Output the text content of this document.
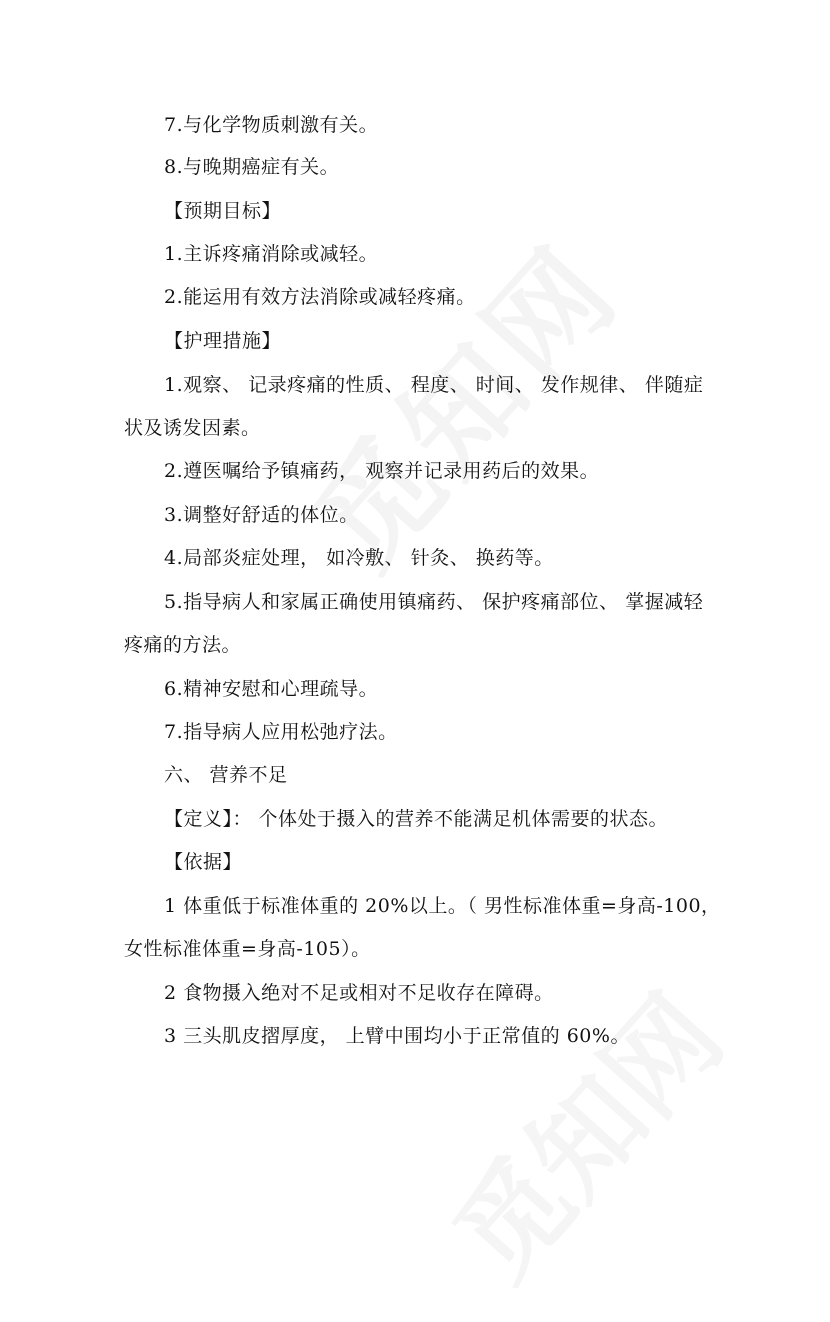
7.与化学物质刺激有关。
8.与晚期癌症有关。
【预期目标】
1.主诉疼痛消除或减轻。
2.能运用有效方法消除或减轻疼痛。
【护理措施】
1.观察、 记录疼痛的性质、 程度、 时间、 发作规律、 伴随症
状及诱发因素。
2.遵医嘱给予镇痛药， 观察并记录用药后的效果。
3.调整好舒适的体位。
4.局部炎症处理， 如冷敷、 针灸、 换药等。
5.指导病人和家属正确使用镇痛药、 保护疼痛部位、 掌握减轻
疼痛的方法。
6.精神安慰和心理疏导。
7.指导病人应用松弛疗法。
六、 营养不足
【定义】： 个体处于摄入的营养不能满足机体需要的状态。
【依据】
1 体重低于标准体重的 20%以上。（ 男性标准体重=身高-100，
女性标准体重=身高-105）。
2 食物摄入绝对不足或相对不足收存在障碍。
3 三头肌皮摺厚度， 上臂中围均小于正常值的 60%。
